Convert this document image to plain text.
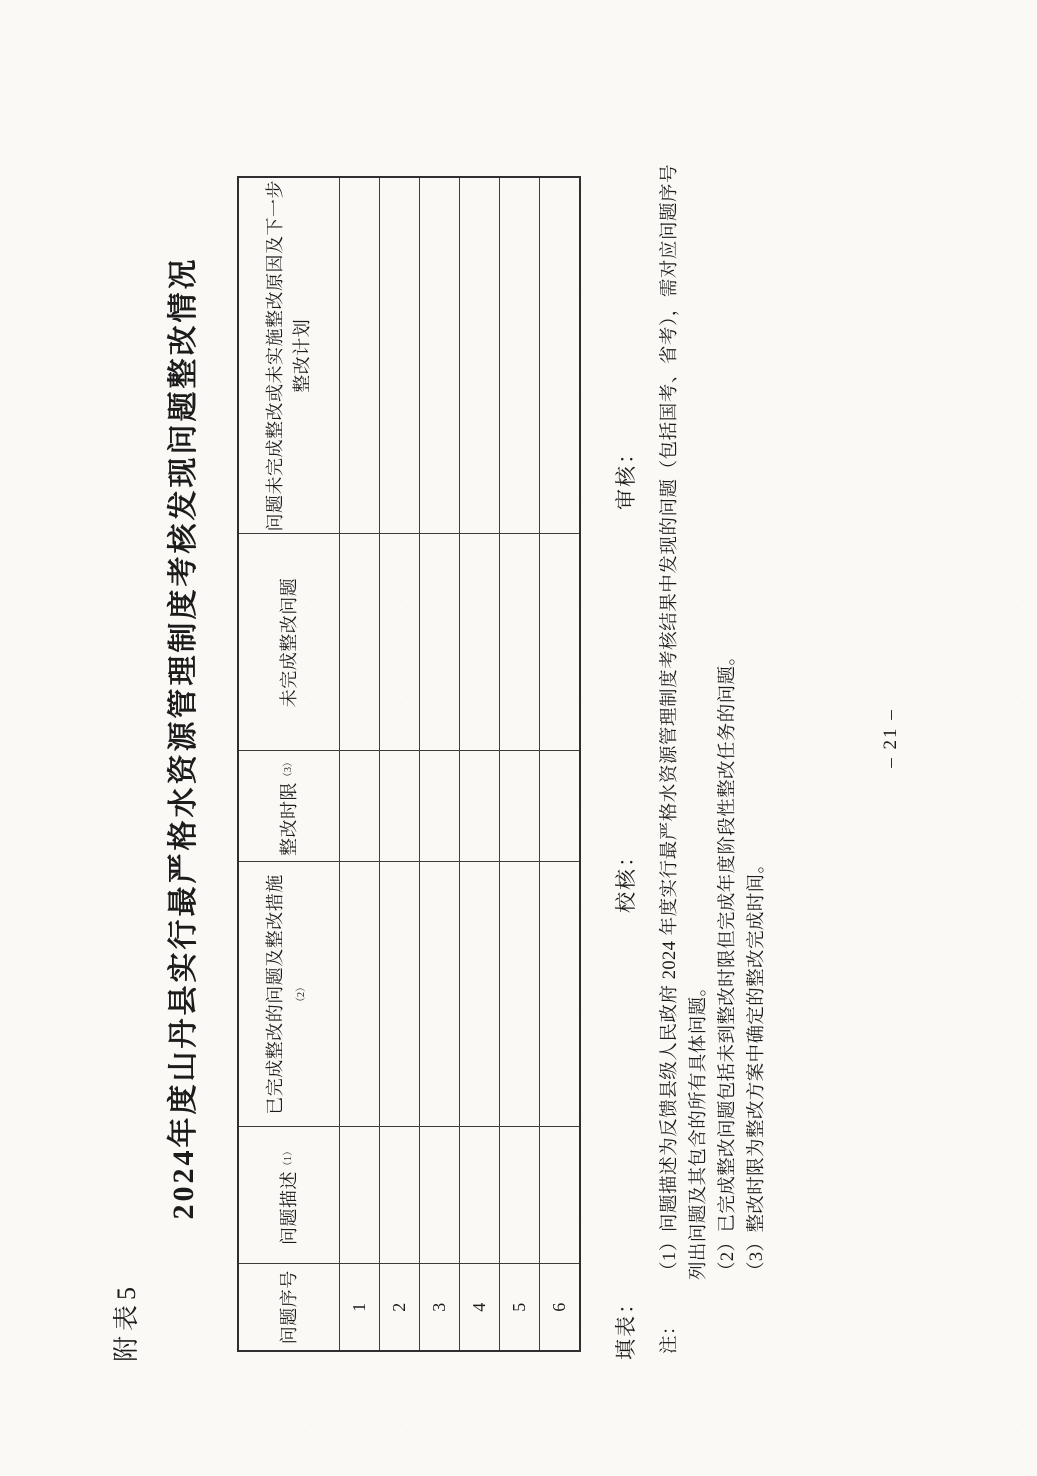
附表5
2024年度山丹县实行最严格水资源管理制度考核发现问题整改情况
问题序号	问题描述$^{(1)}$	已完成整改的问题及整改措施 $^{(2)}$	整改时限$^{(3)}$	未完成整改问题	问题未完成整改或未实施整改原因及下一步整改计划
1					
2					
3					
4					
5					
6					填表：
校核：
审核：
注：
（1）问题描述为反馈县级人民政府 2024 年度实行最严格水资源管理制度考核结果中发现的问题（包括国考、省考），需对应问题序号列出问题及其包含的所有具体问题。 （2）已完成整改问题包括未到整改时限但完成年度阶段性整改任务的问题。
（3）整改时限为整改方案中确定的整改完成时间。
– 21 –
